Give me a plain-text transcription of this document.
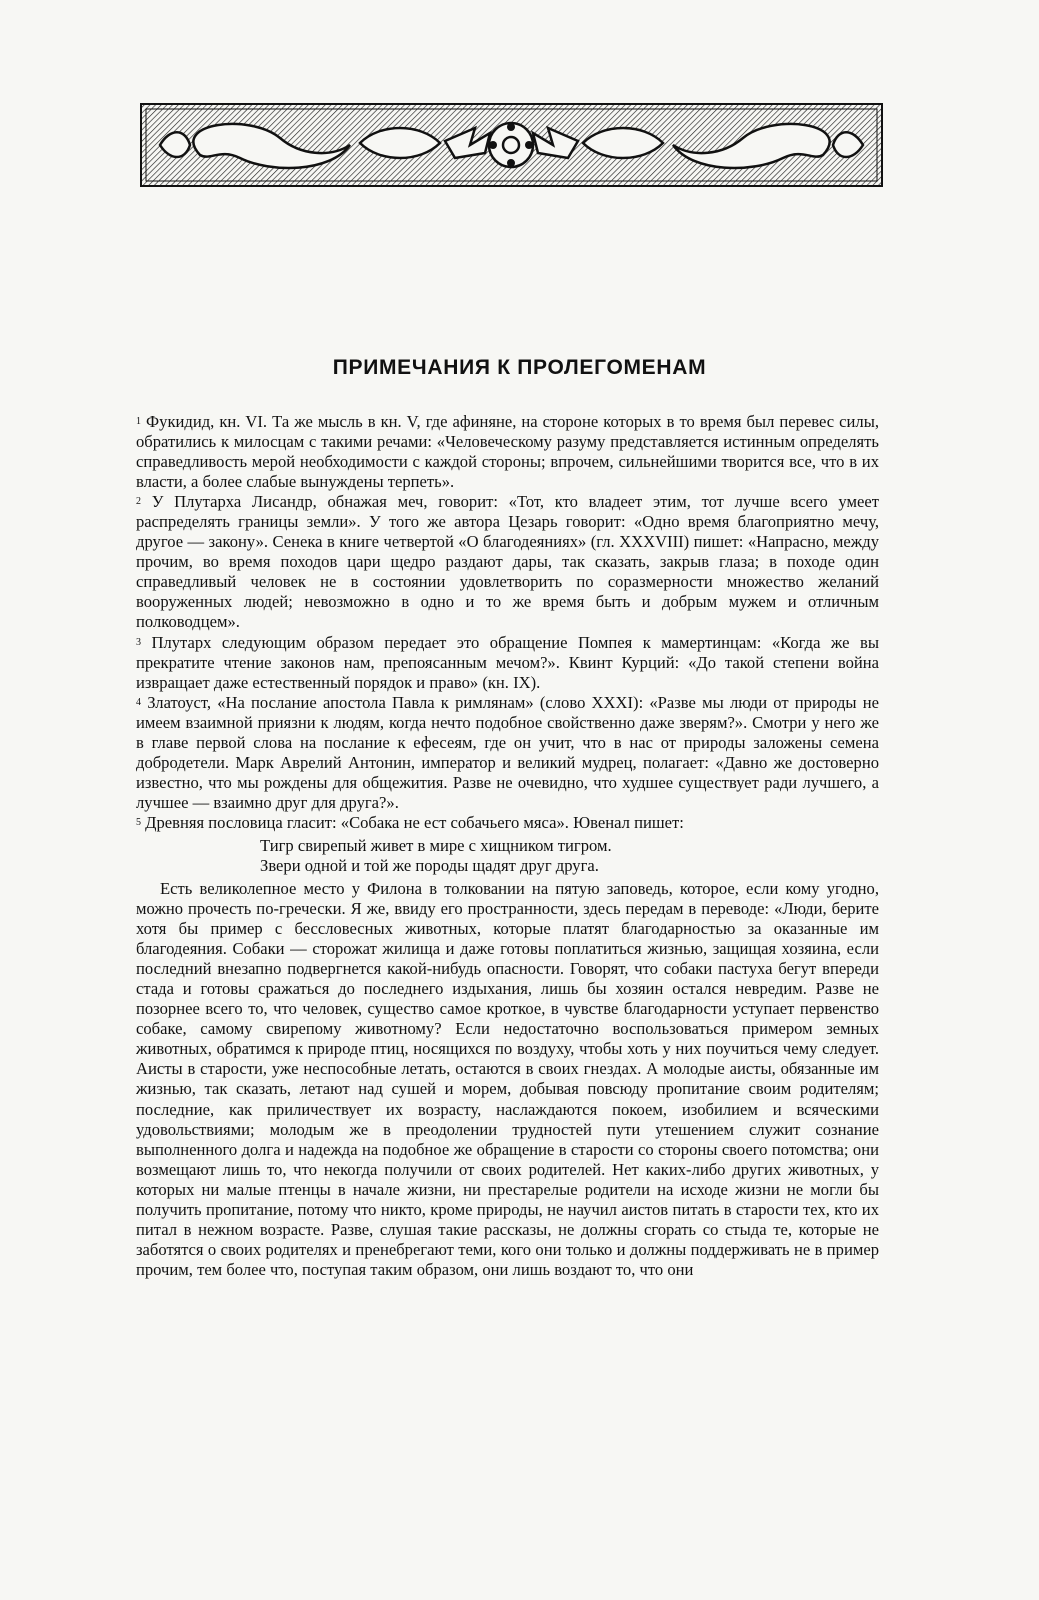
ПРИМЕЧАНИЯ К ПРОЛЕГОМЕНАМ

$^1$ Фукидид, кн. VI. Та же мысль в кн. V, где афиняне, на стороне которых в то время был перевес силы, обратились к милосцам с такими речами: «Человеческому разуму представляется истинным определять справедливость мерой необходимости с каждой стороны; впрочем, сильнейшими творится все, что в их власти, а более слабые вынуждены терпеть».

$^2$ У Плутарха Лисандр, обнажая меч, говорит: «Тот, кто владеет этим, тот лучше всего умеет распределять границы земли». У того же автора Цезарь говорит: «Одно время благоприятно мечу, другое — закону». Сенека в книге четвертой «О благодеяниях» (гл. XXXVIII) пишет: «Напрасно, между прочим, во время походов цари щедро раздают дары, так сказать, закрыв глаза; в походе один справедливый человек не в состоянии удовлетворить по соразмерности множество желаний вооруженных людей; невозможно в одно и то же время быть и добрым мужем и отличным полководцем».

$^3$ Плутарх следующим образом передает это обращение Помпея к мамертинцам: «Когда же вы прекратите чтение законов нам, препоясанным мечом?». Квинт Курций: «До такой степени война извращает даже естественный порядок и право» (кн. IX).

$^4$ Златоуст, «На послание апостола Павла к римлянам» (слово XXXI): «Разве мы люди от природы не имеем взаимной приязни к людям, когда нечто подобное свойственно даже зверям?». Смотри у него же в главе первой слова на послание к ефесеям, где он учит, что в нас от природы заложены семена добродетели. Марк Аврелий Антонин, император и великий мудрец, полагает: «Давно же достоверно известно, что мы рождены для общежития. Разве не очевидно, что худшее существует ради лучшего, а лучшее — взаимно друг для друга?».

$^5$ Древняя пословица гласит: «Собака не ест собачьего мяса». Ювенал пишет:

Тигр свирепый живет в мире с хищником тигром.
Звери одной и той же породы щадят друг друга.

Есть великолепное место у Филона в толковании на пятую заповедь, которое, если кому угодно, можно прочесть по-гречески. Я же, ввиду его пространности, здесь передам в переводе: «Люди, берите хотя бы пример с бессловесных животных, которые платят благодарностью за оказанные им благодеяния. Собаки — сторожат жилища и даже готовы поплатиться жизнью, защищая хозяина, если последний внезапно подвергнется какой-нибудь опасности. Говорят, что собаки пастуха бегут впереди стада и готовы сражаться до последнего издыхания, лишь бы хозяин остался невредим. Разве не позорнее всего то, что человек, существо самое кроткое, в чувстве благодарности уступает первенство собаке, самому свирепому животному? Если недостаточно воспользоваться примером земных животных, обратимся к природе птиц, носящихся по воздуху, чтобы хоть у них поучиться чему следует. Аисты в старости, уже неспособные летать, остаются в своих гнездах. А молодые аисты, обязанные им жизнью, так сказать, летают над сушей и морем, добывая повсюду пропитание своим родителям; последние, как приличествует их возрасту, наслаждаются покоем, изобилием и всяческими удовольствиями; молодым же в преодолении трудностей пути утешением служит сознание выполненного долга и надежда на подобное же обращение в старости со стороны своего потомства; они возмещают лишь то, что некогда получили от своих родителей. Нет каких-либо других животных, у которых ни малые птенцы в начале жизни, ни престарелые родители на исходе жизни не могли бы получить пропитание, потому что никто, кроме природы, не научил аистов питать в старости тех, кто их питал в нежном возрасте. Разве, слушая такие рассказы, не должны сгорать со стыда те, которые не заботятся о своих родителях и пренебрегают теми, кого они только и должны поддерживать не в пример прочим, тем более что, поступая таким образом, они лишь воздают то, что они
